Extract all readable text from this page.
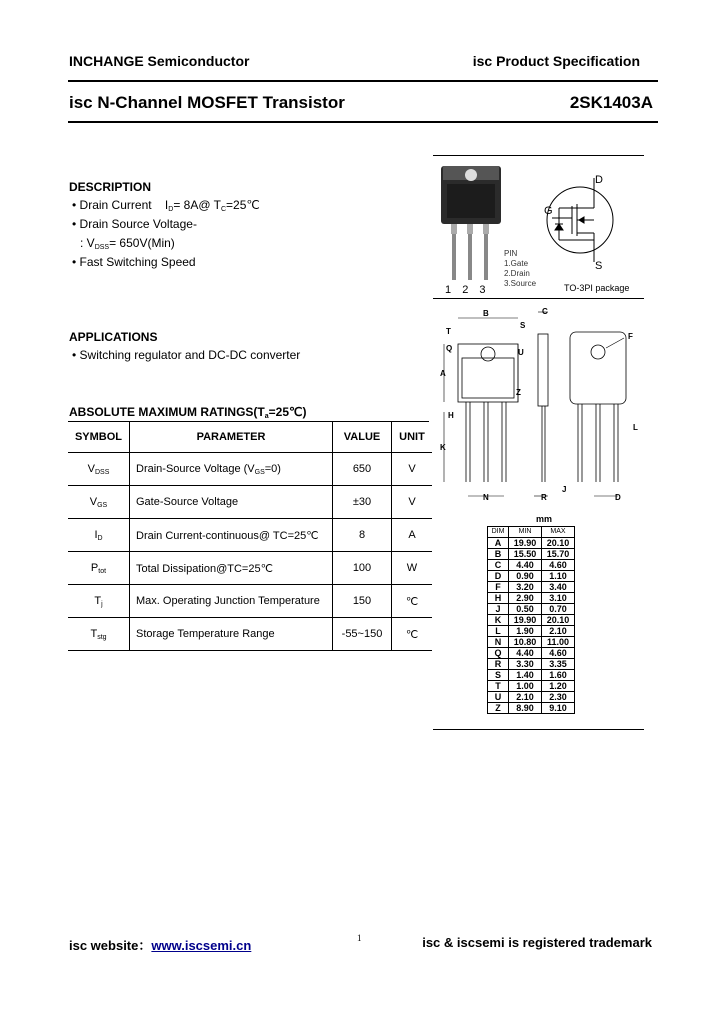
INCHANGE Semiconductor	isc Product Specification
isc N-Channel MOSFET Transistor	2SK1403A
DESCRIPTION
• Drain Current $I_D=$ 8A@ $T_C=25℃$
• Drain Source Voltage-
: $V_{DSS}= 650V(Min)$
• Fast Switching Speed
APPLICATIONS
• Switching regulator and DC-DC converter
ABSOLUTE MAXIMUM $RATINGS(T_a=25℃)$
SYMBOL	PARAMETER	VALUE	UNIT
$V_{DSS}$	Drain-Source Voltage $(V_{GS}=0)$	650	V
$V_{GS}$	Gate-Source Voltage	±30	V
$I_D$	Drain Current-continuous@ TC=25℃	8	A
$P_{tot}$	Total Dissipation@TC=25℃	100	W
$T_j$	Max. Operating Junction Temperature	150	℃
$T_{stg}$	Storage Temperature Range	-55~150	℃
D
G
S
1 2 3
PIN
1.Gate
2.Drain
3.Source	TO-3PI package
B	C
S
T
Q	U
A
Z
H
K
N	R
J
D
F
L
mm
DIM	MIN	MAX
A	19.90	20.10
B	15.50	15.70
C	4.40	4.60
D	0.90	1.10
F	3.20	3.40
H	2.90	3.10
J	0.50	0.70
K	19.90	20.10
L	1.90	2.10
N	10.80	11.00
Q	4.40	4.60
R	3.30	3.35
S	1.40	1.60
T	1.00	1.20
U	2.10	2.30
Z	8.90	9.10
isc website：www.iscsemi.cn	1	isc & iscsemi is registered trademark
